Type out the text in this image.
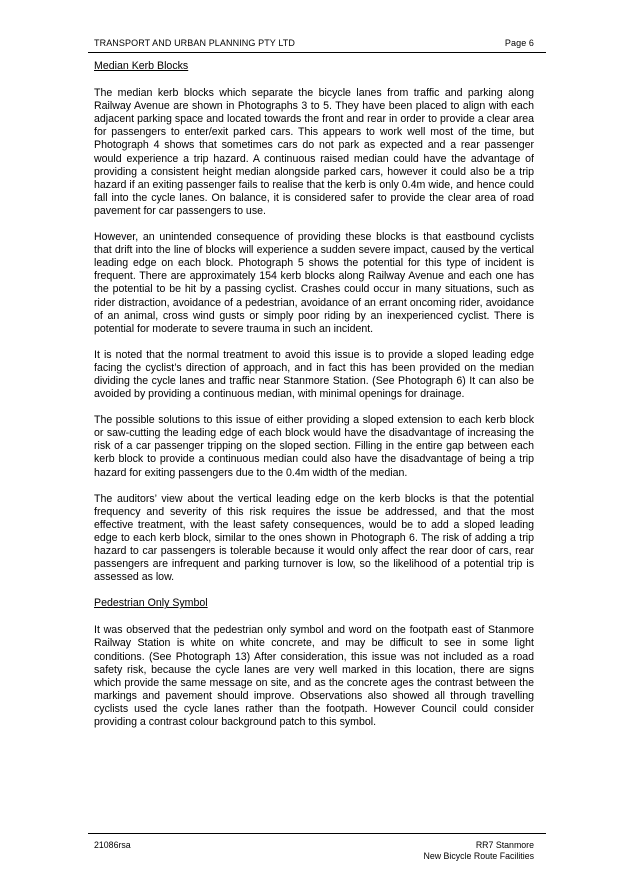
TRANSPORT AND URBAN PLANNING PTY LTD	Page 6
Median Kerb Blocks

The median kerb blocks which separate the bicycle lanes from traffic and parking along Railway Avenue are shown in Photographs 3 to 5. They have been placed to align with each adjacent parking space and located towards the front and rear in order to provide a clear area for passengers to enter/exit parked cars. This appears to work well most of the time, but Photograph 4 shows that sometimes cars do not park as expected and a rear passenger would experience a trip hazard. A continuous raised median could have the advantage of providing a consistent height median alongside parked cars, however it could also be a trip hazard if an exiting passenger fails to realise that the kerb is only 0.4m wide, and hence could fall into the cycle lanes. On balance, it is considered safer to provide the clear area of road pavement for car passengers to use.

However, an unintended consequence of providing these blocks is that eastbound cyclists that drift into the line of blocks will experience a sudden severe impact, caused by the vertical leading edge on each block. Photograph 5 shows the potential for this type of incident is frequent. There are approximately 154 kerb blocks along Railway Avenue and each one has the potential to be hit by a passing cyclist. Crashes could occur in many situations, such as rider distraction, avoidance of a pedestrian, avoidance of an errant oncoming rider, avoidance of an animal, cross wind gusts or simply poor riding by an inexperienced cyclist. There is potential for moderate to severe trauma in such an incident.

It is noted that the normal treatment to avoid this issue is to provide a sloped leading edge facing the cyclist’s direction of approach, and in fact this has been provided on the median dividing the cycle lanes and traffic near Stanmore Station. (See Photograph 6) It can also be avoided by providing a continuous median, with minimal openings for drainage.

The possible solutions to this issue of either providing a sloped extension to each kerb block or saw-cutting the leading edge of each block would have the disadvantage of increasing the risk of a car passenger tripping on the sloped section. Filling in the entire gap between each kerb block to provide a continuous median could also have the disadvantage of being a trip hazard for exiting passengers due to the 0.4m width of the median.

The auditors’ view about the vertical leading edge on the kerb blocks is that the potential frequency and severity of this risk requires the issue be addressed, and that the most effective treatment, with the least safety consequences, would be to add a sloped leading edge to each kerb block, similar to the ones shown in Photograph 6. The risk of adding a trip hazard to car passengers is tolerable because it would only affect the rear door of cars, rear passengers are infrequent and parking turnover is low, so the likelihood of a potential trip is assessed as low.

Pedestrian Only Symbol

It was observed that the pedestrian only symbol and word on the footpath east of Stanmore Railway Station is white on white concrete, and may be difficult to see in some light conditions. (See Photograph 13) After consideration, this issue was not included as a road safety risk, because the cycle lanes are very well marked in this location, there are signs which provide the same message on site, and as the concrete ages the contrast between the markings and pavement should improve. Observations also showed all through travelling cyclists used the cycle lanes rather than the footpath. However Council could consider providing a contrast colour background patch to this symbol.

21086rsa	RR7 Stanmore
New Bicycle Route Facilities
